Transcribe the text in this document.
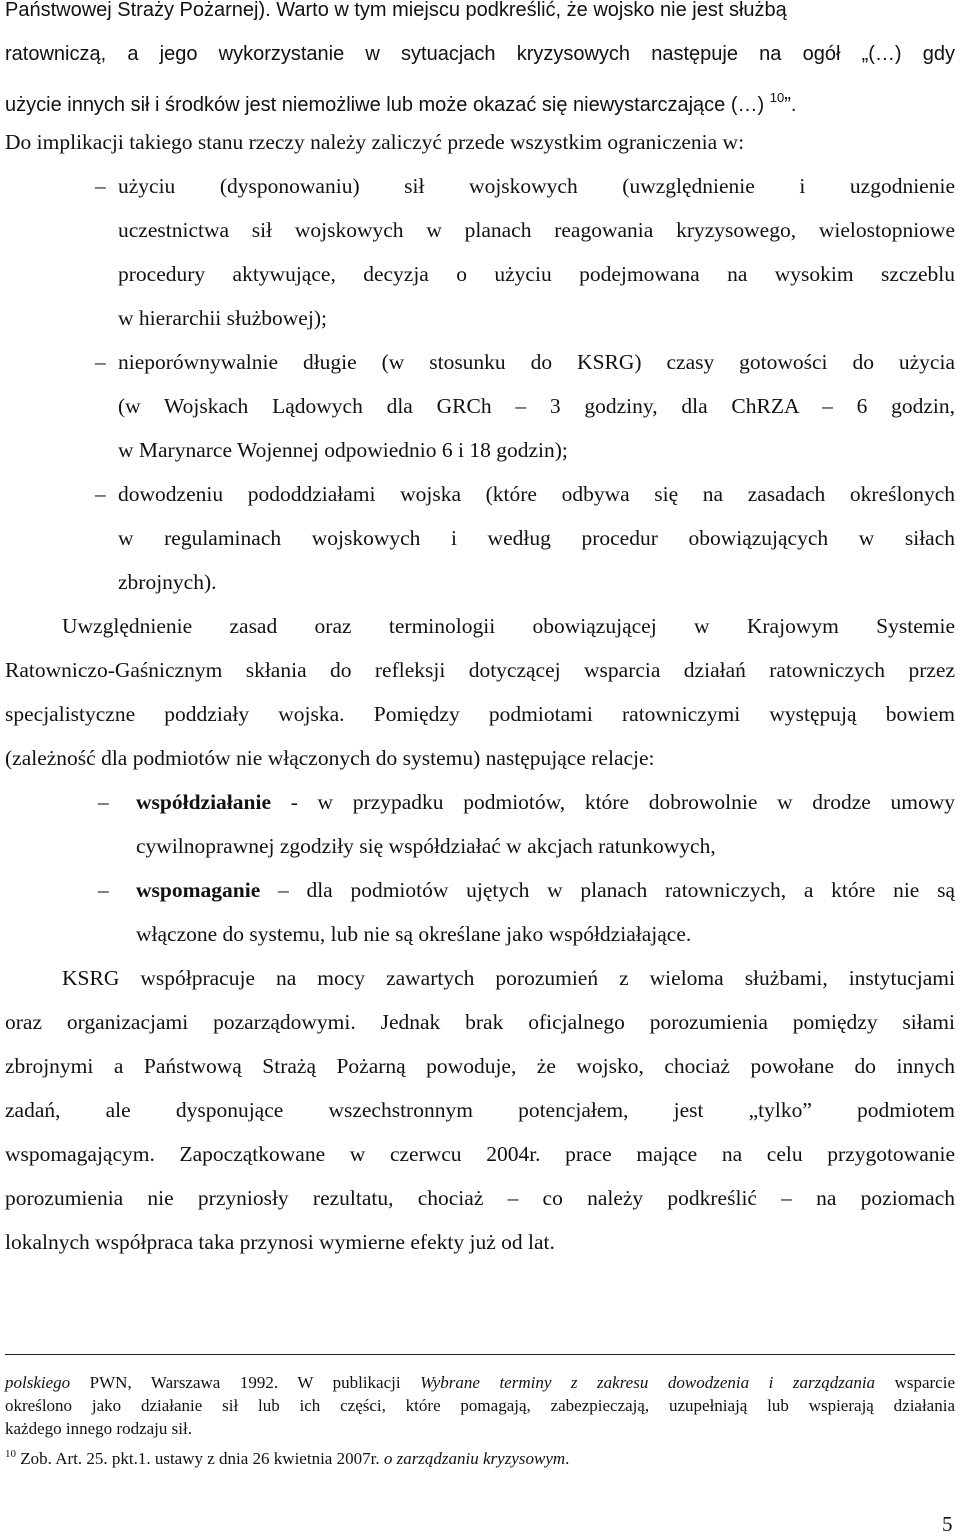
Państwowej Straży Pożarnej). Warto w tym miejscu podkreślić, że wojsko nie jest służbą

ratowniczą, a jego wykorzystanie w sytuacjach kryzysowych następuje na ogół „(…) gdy

użycie innych sił i środków jest niemożliwe lub może okazać się niewystarczające (…) $^{10}$”.

Do implikacji takiego stanu rzeczy należy zaliczyć przede wszystkim ograniczenia w:

– użyciu (dysponowaniu) sił wojskowych (uwzględnienie i uzgodnienie

uczestnictwa sił wojskowych w planach reagowania kryzysowego, wielostopniowe

procedury aktywujące, decyzja o użyciu podejmowana na wysokim szczeblu

w hierarchii służbowej);

– nieporównywalnie długie (w stosunku do KSRG) czasy gotowości do użycia

(w Wojskach Lądowych dla GRCh – 3 godziny, dla ChRZA – 6 godzin,

w Marynarce Wojennej odpowiednio 6 i 18 godzin);

– dowodzeniu pododdziałami wojska (które odbywa się na zasadach określonych

w regulaminach wojskowych i według procedur obowiązujących w siłach

zbrojnych).

Uwzględnienie zasad oraz terminologii obowiązującej w Krajowym Systemie

Ratowniczo-Gaśnicznym skłania do refleksji dotyczącej wsparcia działań ratowniczych przez

specjalistyczne poddziały wojska. Pomiędzy podmiotami ratowniczymi występują bowiem

(zależność dla podmiotów nie włączonych do systemu) następujące relacje:

– współdziałanie - w przypadku podmiotów, które dobrowolnie w drodze umowy

cywilnoprawnej zgodziły się współdziałać w akcjach ratunkowych,

– wspomaganie – dla podmiotów ujętych w planach ratowniczych, a które nie są

włączone do systemu, lub nie są określane jako współdziałające.

KSRG współpracuje na mocy zawartych porozumień z wieloma służbami, instytucjami

oraz organizacjami pozarządowymi. Jednak brak oficjalnego porozumienia pomiędzy siłami

zbrojnymi a Państwową Strażą Pożarną powoduje, że wojsko, chociaż powołane do innych

zadań, ale dysponujące wszechstronnym potencjałem, jest „tylko” podmiotem

wspomagającym. Zapoczątkowane w czerwcu 2004r. prace mające na celu przygotowanie

porozumienia nie przyniosły rezultatu, chociaż – co należy podkreślić – na poziomach

lokalnych współpraca taka przynosi wymierne efekty już od lat.

polskiego PWN, Warszawa 1992. W publikacji Wybrane terminy z zakresu dowodzenia i zarządzania wsparcie

określono jako działanie sił lub ich części, które pomagają, zabezpieczają, uzupełniają lub wspierają działania

każdego innego rodzaju sił.

$^{10}$ Zob. Art. 25. pkt.1. ustawy z dnia 26 kwietnia 2007r. o zarządzaniu kryzysowym.

5
